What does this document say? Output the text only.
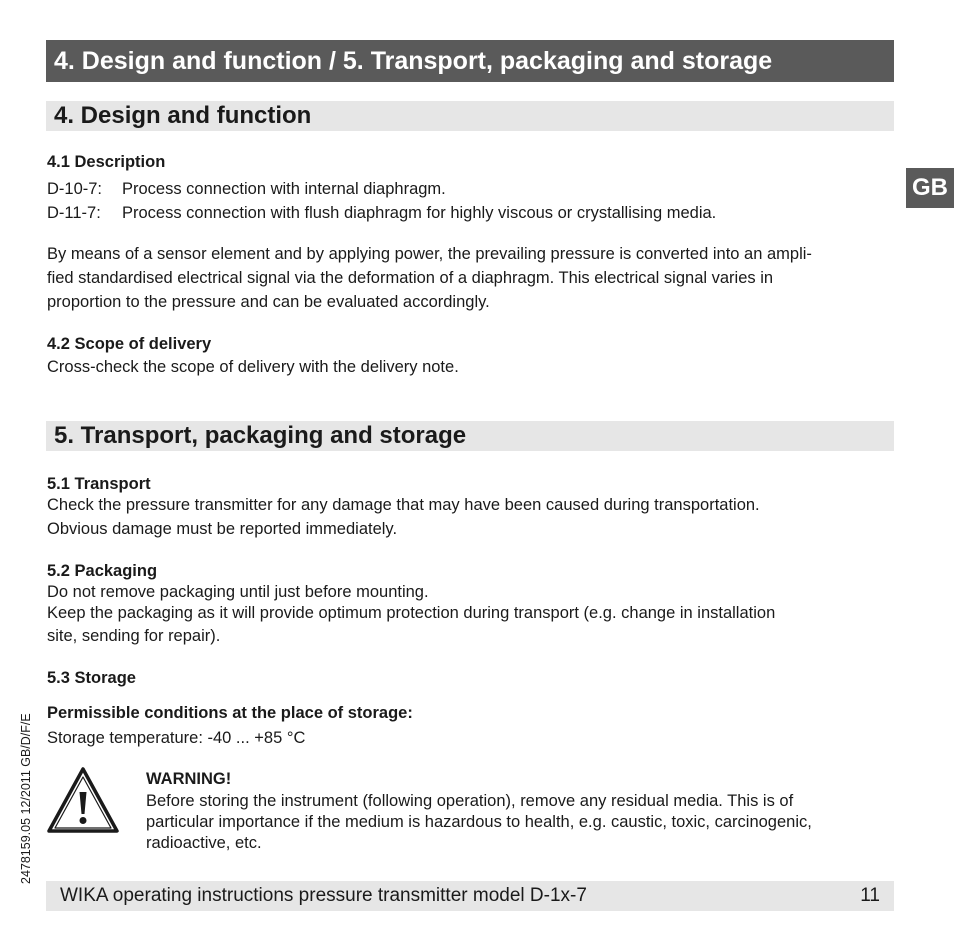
4. Design and function / 5. Transport, packaging and storage
GB
4. Design and function
4.1 Description
D-10-7: Process connection with internal diaphragm.
D-11-7: Process connection with flush diaphragm for highly viscous or crystallising media.
By means of a sensor element and by applying power, the prevailing pressure is converted into an ampli-
fied standardised electrical signal via the deformation of a diaphragm. This electrical signal varies in
proportion to the pressure and can be evaluated accordingly.
4.2 Scope of delivery
Cross-check the scope of delivery with the delivery note.
5. Transport, packaging and storage
5.1 Transport
Check the pressure transmitter for any damage that may have been caused during transportation.
Obvious damage must be reported immediately.
5.2 Packaging
Do not remove packaging until just before mounting.
Keep the packaging as it will provide optimum protection during transport (e.g. change in installation
site, sending for repair).
5.3 Storage
Permissible conditions at the place of storage:
Storage temperature: -40 ... +85 °C
WARNING!
Before storing the instrument (following operation), remove any residual media. This is of
particular importance if the medium is hazardous to health, e.g. caustic, toxic, carcinogenic,
radioactive, etc.
2478159.05 12/2011 GB/D/F/E
WIKA operating instructions pressure transmitter model D-1x-7	11
